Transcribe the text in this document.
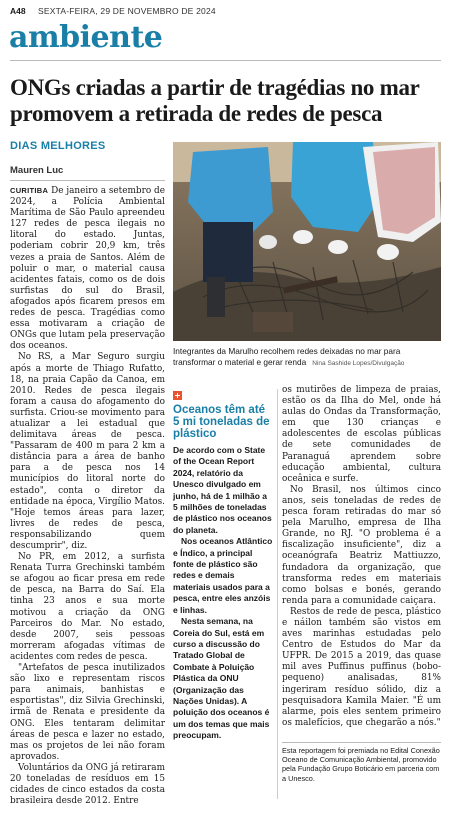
A48 SEXTA-FEIRA, 29 DE NOVEMBRO DE 2024
ambiente
ONGs criadas a partir de tragédias no mar promovem a retirada de redes de pesca
DIAS MELHORES
Mauren Luc

CURITIBA De janeiro a setembro de 2024, a Polícia Ambiental Marítima de São Paulo apreendeu 127 redes de pesca ilegais no litoral do estado. Juntas, poderiam cobrir 20,9 km, três vezes a praia de Santos. Além de poluir o mar, o material causa acidentes fatais, como os de dois surfistas do sul do Brasil, afogados após ficarem presos em redes de pesca. Tragédias como essa motivaram a criação de ONGs que lutam pela preservação dos oceanos.

No RS, a Mar Seguro surgiu após a morte de Thiago Rufatto, 18, na praia Capão da Canoa, em 2010. Redes de pesca ilegais foram a causa do afogamento do surfista. Criou-se movimento para atualizar a lei estadual que delimitava áreas de pesca. "Passaram de 400 m para 2 km a distância para a área de banho para a de pesca nos 14 municípios do litoral norte do estado", conta o diretor da entidade na época, Virgílio Matos. "Hoje temos áreas para lazer, livres de redes de pesca, responsabilizando quem descumprir", diz.

No PR, em 2012, a surfista Renata Turra Grechinski também se afogou ao ficar presa em rede de pesca, na Barra do Saí. Ela tinha 23 anos e sua morte motivou a criação da ONG Parceiros do Mar. No estado, desde 2007, seis pessoas morreram afogadas vítimas de acidentes com redes de pesca.

"Artefatos de pesca inutilizados são lixo e representam riscos para animais, banhistas e esportistas", diz Silvia Grechinski, irmã de Renata e presidente da ONG. Eles tentaram delimitar áreas de pesca e lazer no estado, mas os projetos de lei não foram aprovados.

Voluntários da ONG já retiraram 20 toneladas de resíduos em 15 cidades de cinco estados da costa brasileira desde 2012. Entre

Integrantes da Marulho recolhem redes deixadas no mar para transformar o material e gerar renda Nina Sashide Lopes/Divulgação
Oceanos têm até 5 mi toneladas de plástico

De acordo com o State of the Ocean Report 2024, relatório da Unesco divulgado em junho, há de 1 milhão a 5 milhões de toneladas de plástico nos oceanos do planeta.

Nos oceanos Atlântico e Índico, a principal fonte de plástico são redes e demais materiais usados para a pesca, entre eles anzóis e linhas.

Nesta semana, na Coreia do Sul, está em curso a discussão do Tratado Global de Combate à Poluição Plástica da ONU (Organização das Nações Unidas). A poluição dos oceanos é um dos temas que mais preocupam.

os mutirões de limpeza de praias, estão os da Ilha do Mel, onde há aulas do Ondas da Transformação, em que 130 crianças e adolescentes de escolas públicas de sete comunidades de Paranaguá aprendem sobre educação ambiental, cultura oceânica e surfe.

No Brasil, nos últimos cinco anos, seis toneladas de redes de pesca foram retiradas do mar só pela Marulho, empresa de Ilha Grande, no RJ. "O problema é a fiscalização insuficiente", diz a oceanógrafa Beatriz Mattiuzzo, fundadora da organização, que transforma redes em materiais como bolsas e bonés, gerando renda para a comunidade caiçara.

Restos de rede de pesca, plástico e náilon também são vistos em aves marinhas estudadas pelo Centro de Estudos do Mar da UFPR. De 2015 a 2019, das quase mil aves Puffinus puffinus (bobo-pequeno) analisadas, 81% ingeriram resíduo sólido, diz a pesquisadora Kamila Maier. "É um alarme, pois eles sentem primeiro os malefícios, que chegarão a nós."

Esta reportagem foi premiada no Edital Conexão Oceano de Comunicação Ambiental, promovido pela Fundação Grupo Boticário em parceria com a Unesco.
